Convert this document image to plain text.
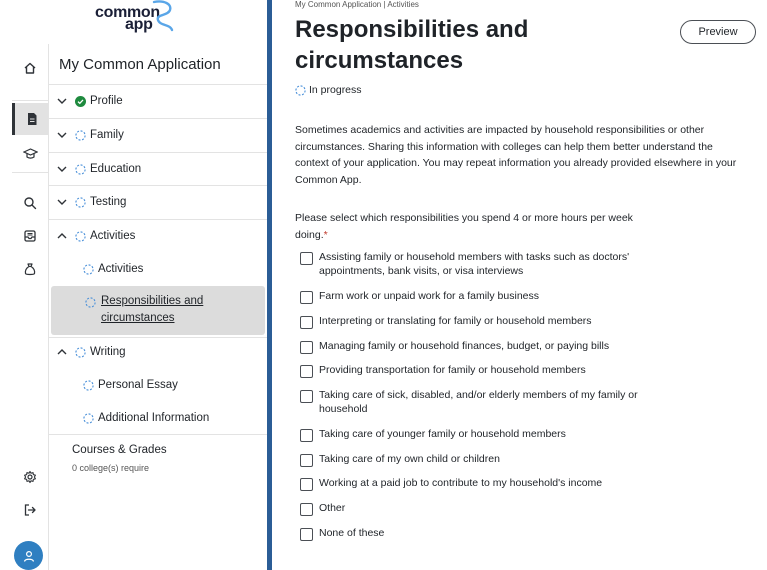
common
app
My Common Application
Profile
Family
Education
Testing
Activities
Activities
Responsibilities and circumstances
Writing
Personal Essay
Additional Information
Courses & Grades
0 college(s) require
My Common Application | Activities
Responsibilities and circumstances
Preview
In progress

Sometimes academics and activities are impacted by household responsibilities or other circumstances. Sharing this information with colleges can help them better understand the context of your application. You may repeat information you already provided elsewhere in your Common App.

Please select which responsibilities you spend 4 or more hours per week doing.*

Assisting family or household members with tasks such as doctors' appointments, bank visits, or visa interviews
Farm work or unpaid work for a family business
Interpreting or translating for family or household members
Managing family or household finances, budget, or paying bills
Providing transportation for family or household members
Taking care of sick, disabled, and/or elderly members of my family or household
Taking care of younger family or household members
Taking care of my own child or children
Working at a paid job to contribute to my household's income
Other
None of these
